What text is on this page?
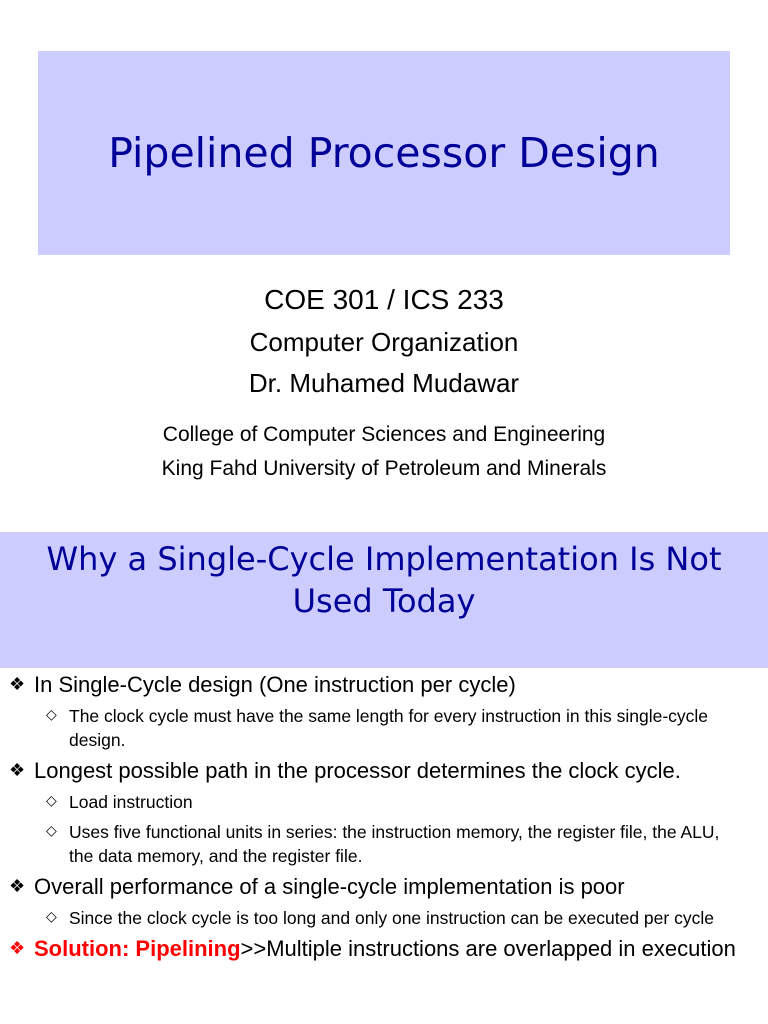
Pipelined Processor Design
COE 301 / ICS 233
Computer Organization
Dr. Muhamed Mudawar
College of Computer Sciences and Engineering
King Fahd University of Petroleum and Minerals
Why a Single-Cycle Implementation Is Not
Used Today
❖ In Single-Cycle design (One instruction per cycle)
◇ The clock cycle must have the same length for every instruction in this single-cycle design.
❖ Longest possible path in the processor determines the clock cycle.
◇ Load instruction
◇ Uses five functional units in series: the instruction memory, the register file, the ALU, the data memory, and the register file.
❖ Overall performance of a single-cycle implementation is poor
◇ Since the clock cycle is too long and only one instruction can be executed per cycle
❖ Solution: Pipelining>>Multiple instructions are overlapped in execution
